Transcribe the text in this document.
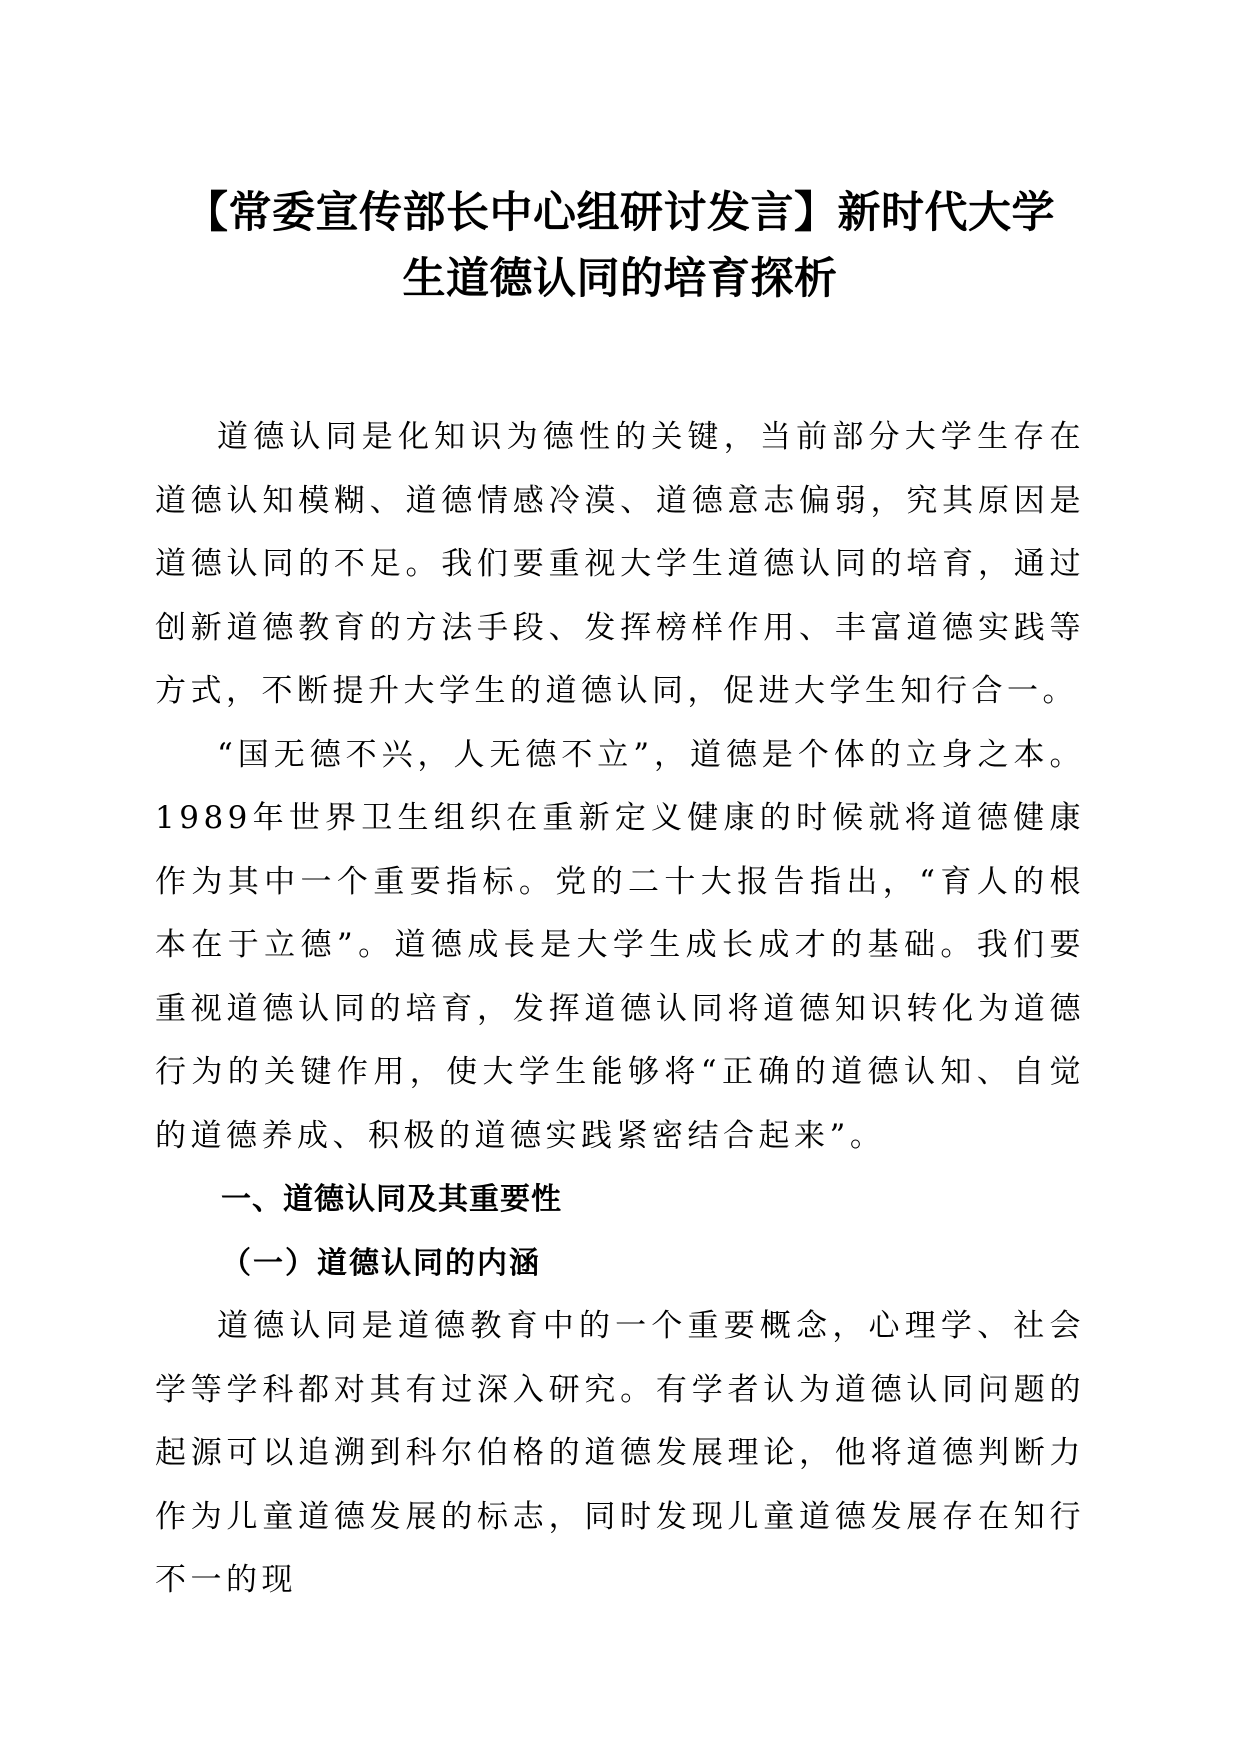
【常委宣传部长中心组研讨发言】新时代大学
生道德认同的培育探析

道德认同是化知识为德性的关键，当前部分大学生存在道德认知模糊、道德情感冷漠、道德意志偏弱，究其原因是道德认同的不足。我们要重视大学生道德认同的培育，通过创新道德教育的方法手段、发挥榜样作用、丰富道德实践等方式，不断提升大学生的道德认同，促进大学生知行合一。

“国无德不兴，人无德不立”，道德是个体的立身之本。1989年世界卫生组织在重新定义健康的时候就将道德健康作为其中一个重要指标。党的二十大报告指出，“育人的根本在于立德”。道德成長是大学生成长成才的基础。我们要重视道德认同的培育，发挥道德认同将道德知识转化为道德行为的关键作用，使大学生能够将“正确的道德认知、自觉的道德养成、积极的道德实践紧密结合起来”。

一、道德认同及其重要性
（一）道德认同的内涵

道德认同是道德教育中的一个重要概念，心理学、社会学等学科都对其有过深入研究。有学者认为道德认同问题的起源可以追溯到科尔伯格的道德发展理论，他将道德判断力作为儿童道德发展的标志，同时发现儿童道德发展存在知行不一的现
